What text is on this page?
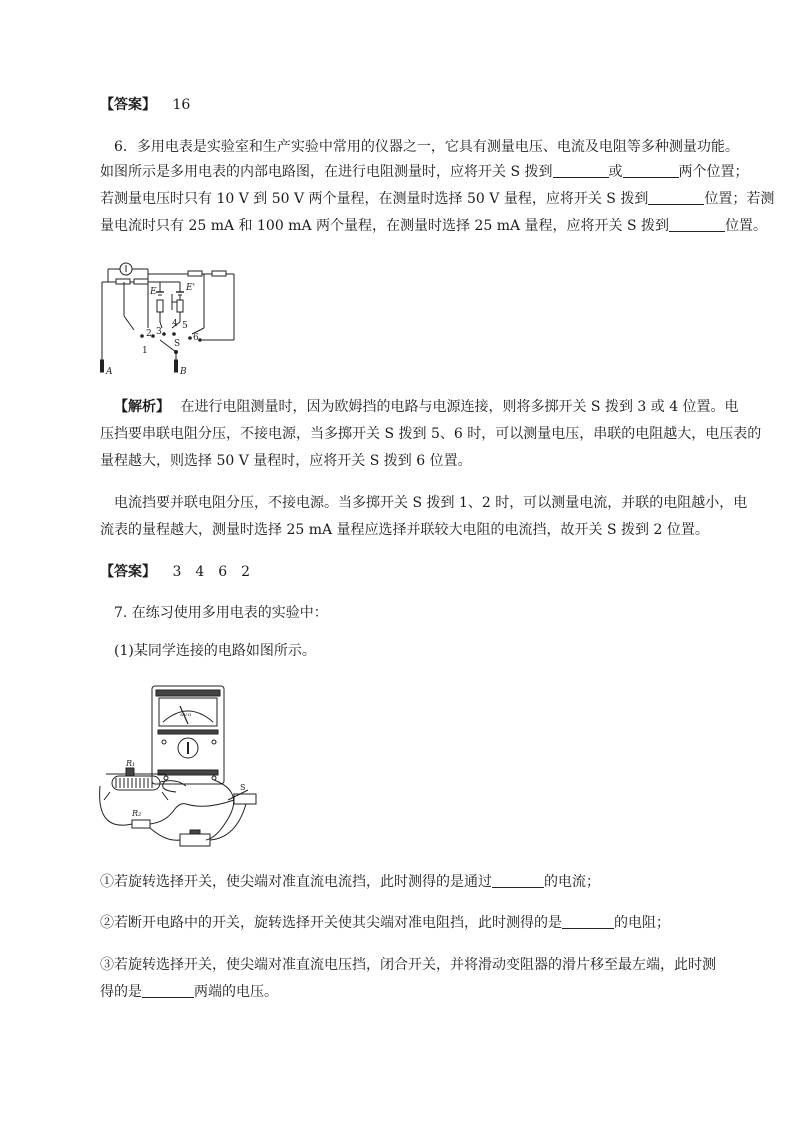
【答案】 16
6．多用电表是实验室和生产实验中常用的仪器之一，它具有测量电压、电流及电阻等多种测量功能。
如图所示是多用电表的内部电路图，在进行电阻测量时，应将开关 S 拨到	或	两个位置；
若测量电压时只有 10 V 到 50 V 两个量程，在测量时选择 50 V 量程，应将开关 S 拨到	位置；若测
量电流时只有 25 mA 和 100 mA 两个量程，在测量时选择 25 mA 量程，应将开关 S 拨到	位置。
E	E'
1
2 3
4 5
6
S
A	B
【解析】 在进行电阻测量时，因为欧姆挡的电路与电源连接，则将多掷开关 S 拨到 3 或 4 位置。电
压挡要串联电阻分压，不接电源，当多掷开关 S 拨到 5、6 时，可以测量电压，串联的电阻越大，电压表的
量程越大，则选择 50 V 量程时，应将开关 S 拨到 6 位置。
电流挡要并联电阻分压，不接电源。当多掷开关 S 拨到 1、2 时，可以测量电流，并联的电阻越小，电
流表的量程越大，测量时选择 25 mA 量程应选择并联较大电阻的电流挡，故开关 S 拨到 2 位置。
【答案】 3　4　6　2
7. 在练习使用多用电表的实验中：
(1)某同学连接的电路如图所示。
A-V-Ω
R₁
R₂
S
①若旋转选择开关，使尖端对准直流电流挡，此时测得的是通过	的电流；
②若断开电路中的开关，旋转选择开关使其尖端对准电阻挡，此时测得的是	的电阻；
③若旋转选择开关，使尖端对准直流电压挡，闭合开关，并将滑动变阻器的滑片移至最左端，此时测
得的是	两端的电压。
